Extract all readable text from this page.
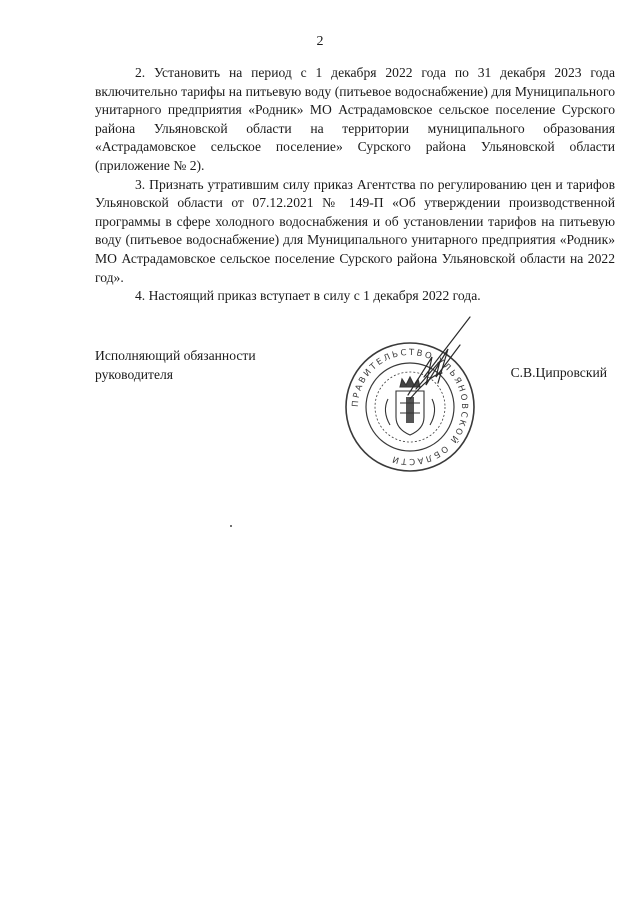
2

2. Установить на период с 1 декабря 2022 года по 31 декабря 2023 года включительно тарифы на питьевую воду (питьевое водоснабжение) для Муниципального унитарного предприятия «Родник» МО Астрадамовское сельское поселение Сурского района Ульяновской области на территории муниципального образования «Астрадамовское сельское поселение» Сурского района Ульяновской области (приложение № 2).

3. Признать утратившим силу приказ Агентства по регулированию цен и тарифов Ульяновской области от 07.12.2021 № 149-П «Об утверждении производственной программы в сфере холодного водоснабжения и об установлении тарифов на питьевую воду (питьевое водоснабжение) для Муниципального унитарного предприятия «Родник» МО Астрадамовское сельское поселение Сурского района Ульяновской области на 2022 год».

4. Настоящий приказ вступает в силу с 1 декабря 2022 года.

Исполняющий обязанности
руководителя	С.В.Ципровский
ПРАВИТЕЛЬСТВО УЛЬЯНОВСКОЙ ОБЛАСТИ
